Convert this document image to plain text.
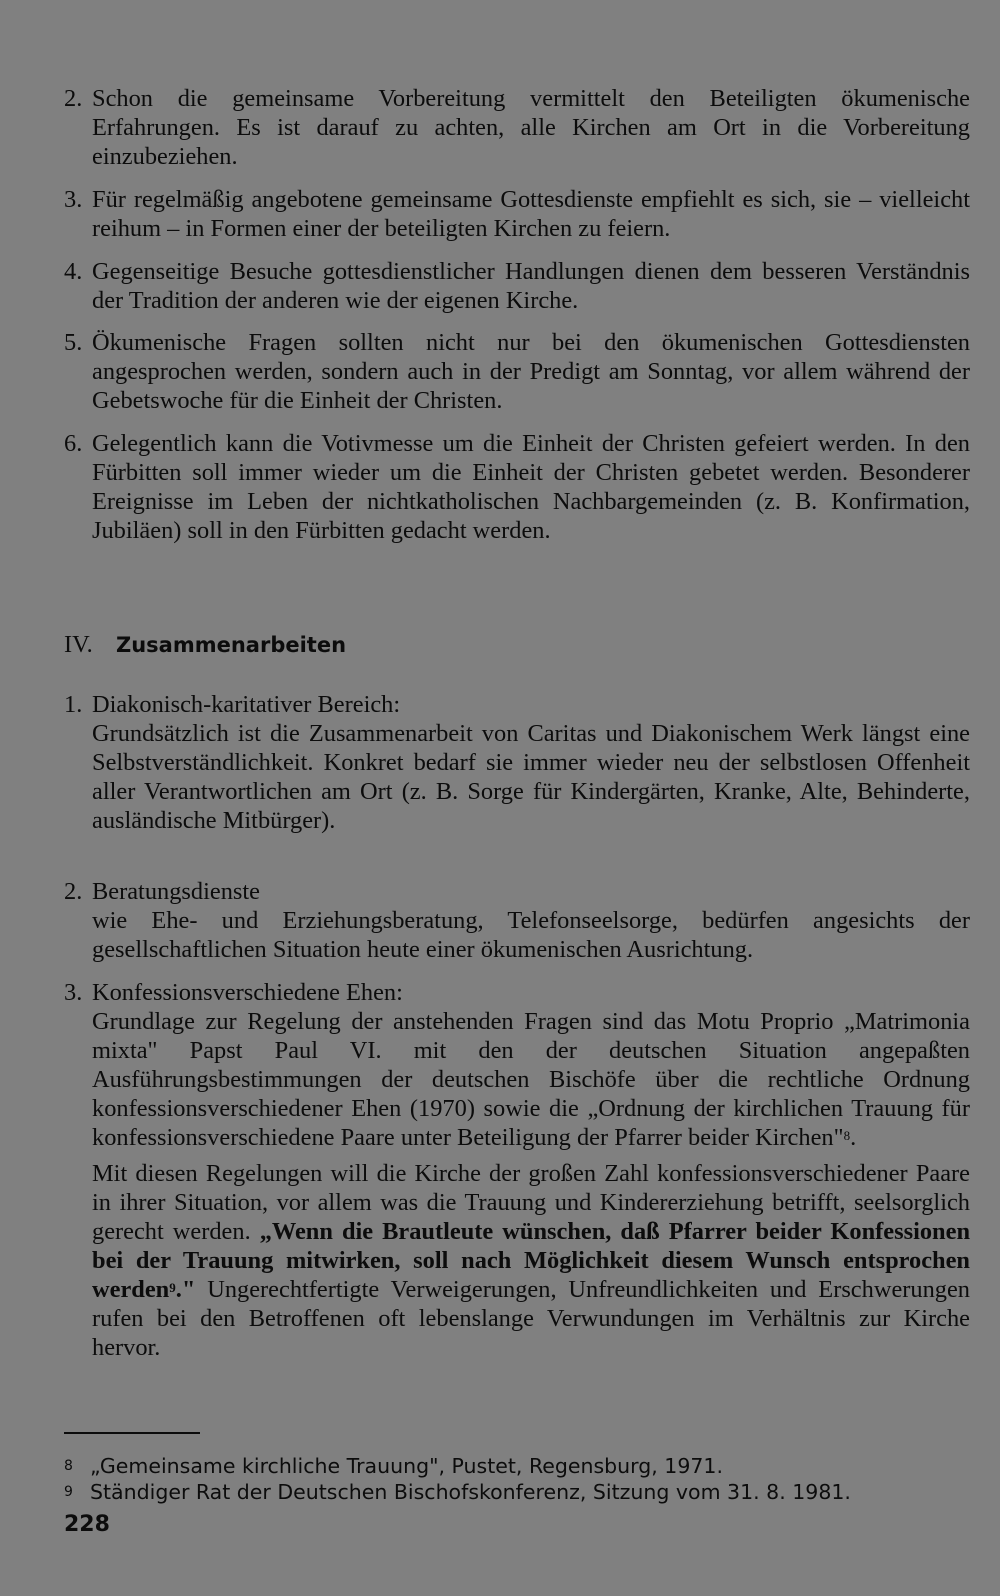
2. Schon die gemeinsame Vorbereitung vermittelt den Beteiligten ökumenische Erfahrungen. Es ist darauf zu achten, alle Kirchen am Ort in die Vorbereitung einzubeziehen.
3. Für regelmäßig angebotene gemeinsame Gottesdienste empfiehlt es sich, sie – vielleicht reihum – in Formen einer der beteiligten Kirchen zu feiern.
4. Gegenseitige Besuche gottesdienstlicher Handlungen dienen dem besseren Verständnis der Tradition der anderen wie der eigenen Kirche.
5. Ökumenische Fragen sollten nicht nur bei den ökumenischen Gottesdiensten angesprochen werden, sondern auch in der Predigt am Sonntag, vor allem während der Gebetswoche für die Einheit der Christen.
6. Gelegentlich kann die Votivmesse um die Einheit der Christen gefeiert werden. In den Fürbitten soll immer wieder um die Einheit der Christen gebetet werden. Besonderer Ereignisse im Leben der nichtkatholischen Nachbargemeinden (z. B. Konfirmation, Jubiläen) soll in den Fürbitten gedacht werden.
IV. Zusammenarbeiten
1. Diakonisch-karitativer Bereich:

Grundsätzlich ist die Zusammenarbeit von Caritas und Diakonischem Werk längst eine Selbstverständlichkeit. Konkret bedarf sie immer wieder neu der selbstlosen Offenheit aller Verantwortlichen am Ort (z. B. Sorge für Kindergärten, Kranke, Alte, Behinderte, ausländische Mitbürger).

2. Beratungsdienste

wie Ehe- und Erziehungsberatung, Telefonseelsorge, bedürfen angesichts der gesellschaftlichen Situation heute einer ökumenischen Ausrichtung.

3. Konfessionsverschiedene Ehen:

Grundlage zur Regelung der anstehenden Fragen sind das Motu Proprio „Matrimonia mixta" Papst Paul VI. mit den der deutschen Situation angepaßten Ausführungsbestimmungen der deutschen Bischöfe über die rechtliche Ordnung konfessionsverschiedener Ehen (1970) sowie die „Ordnung der kirchlichen Trauung für konfessionsverschiedene Paare unter Beteiligung der Pfarrer beider Kirchen"$^8$.

Mit diesen Regelungen will die Kirche der großen Zahl konfessionsverschiedener Paare in ihrer Situation, vor allem was die Trauung und Kindererziehung betrifft, seelsorglich gerecht werden. „Wenn die Brautleute wünschen, daß Pfarrer beider Konfessionen bei der Trauung mitwirken, soll nach Möglichkeit diesem Wunsch entsprochen werden$^9$." Ungerechtfertigte Verweigerungen, Unfreundlichkeiten und Erschwerungen rufen bei den Betroffenen oft lebenslange Verwundungen im Verhältnis zur Kirche hervor.

8 „Gemeinsame kirchliche Trauung", Pustet, Regensburg, 1971.
9 Ständiger Rat der Deutschen Bischofskonferenz, Sitzung vom 31. 8. 1981.
228
